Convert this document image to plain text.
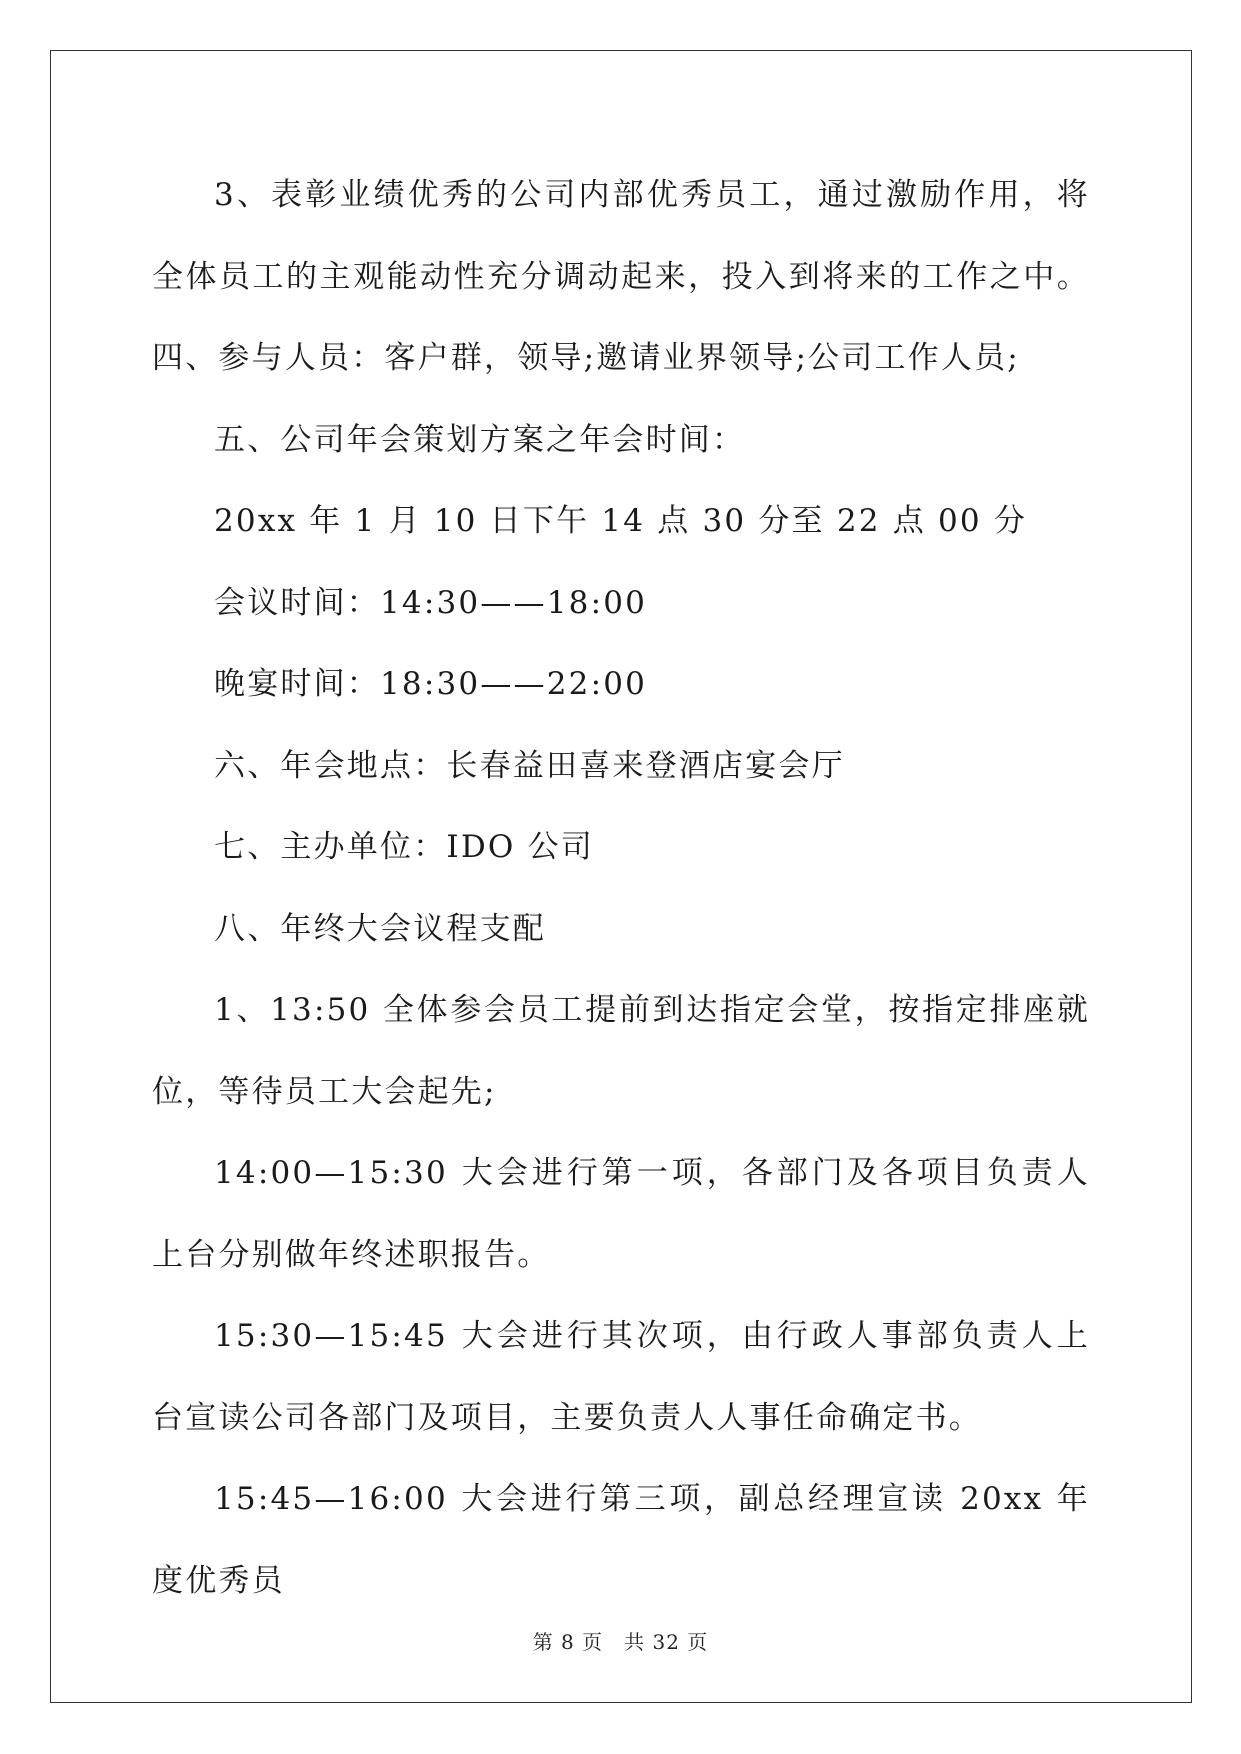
3、表彰业绩优秀的公司内部优秀员工，通过激励作用，将全体员工的主观能动性充分调动起来，投入到将来的工作之中。四、参与人员：客户群，领导;邀请业界领导;公司工作人员;

五、公司年会策划方案之年会时间：

20xx 年 1 月 10 日下午 14 点 30 分至 22 点 00 分

会议时间：14:30——18:00

晚宴时间：18:30——22:00

六、年会地点：长春益田喜来登酒店宴会厅

七、主办单位：IDO 公司

八、年终大会议程支配

1、13:50 全体参会员工提前到达指定会堂，按指定排座就位，等待员工大会起先;

14:00—15:30 大会进行第一项，各部门及各项目负责人上台分别做年终述职报告。

15:30—15:45 大会进行其次项，由行政人事部负责人上台宣读公司各部门及项目，主要负责人人事任命确定书。

15:45—16:00 大会进行第三项，副总经理宣读 20xx 年度优秀员

第 8 页　共 32 页
